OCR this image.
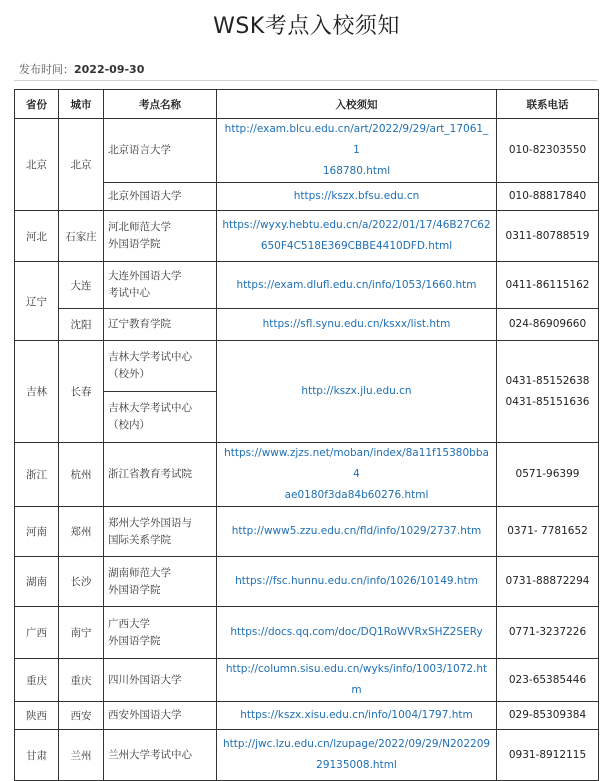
WSK考点入校须知
发布时间：2022-09-30
省份	城市	考点名称	入校须知	联系电话
北京	北京	北京语言大学	http://exam.blcu.edu.cn/art/2022/9/29/art_17061_1
168780.html	010-82303550

		北京外国语大学	https://kszx.bfsu.edu.cn	010-88817840
河北	石家庄	河北师范大学
外国语学院	https://wyxy.hebtu.edu.cn/a/2022/01/17/46B27C62
650F4C518E369CBBE4410DFD.html	0311-80788519
辽宁	大连	大连外国语大学
考试中心	https://exam.dlufl.edu.cn/info/1053/1660.htm	0411-86115162
	沈阳	辽宁教育学院	https://sfl.synu.edu.cn/ksxx/list.htm	024-86909660
吉林	长春	吉林大学考试中心
（校外）	http://kszx.jlu.edu.cn	0431-85152638
0431-85151636

		吉林大学考试中心
（校内）		

浙江	杭州	浙江省教育考试院	https://www.zjzs.net/moban/index/8a11f15380bba4
ae0180f3da84b60276.html	0571-96399
河南	郑州	郑州大学外国语与
国际关系学院	http://www5.zzu.edu.cn/fld/info/1029/2737.htm	0371- 7781652
湖南	长沙	湖南师范大学
外国语学院	https://fsc.hunnu.edu.cn/info/1026/10149.htm	0731-88872294
广西	南宁	广西大学
外国语学院	https://docs.qq.com/doc/DQ1RoWVRxSHZ2SERy	0771-3237226
重庆	重庆	四川外国语大学	http://column.sisu.edu.cn/wyks/info/1003/1072.htm	023-65385446
陕西	西安	西安外国语大学	https://kszx.xisu.edu.cn/info/1004/1797.htm	029-85309384
甘肃	兰州	兰州大学考试中心	http://jwc.lzu.edu.cn/lzupage/2022/09/29/N202209
29135008.html	0931-8912115
